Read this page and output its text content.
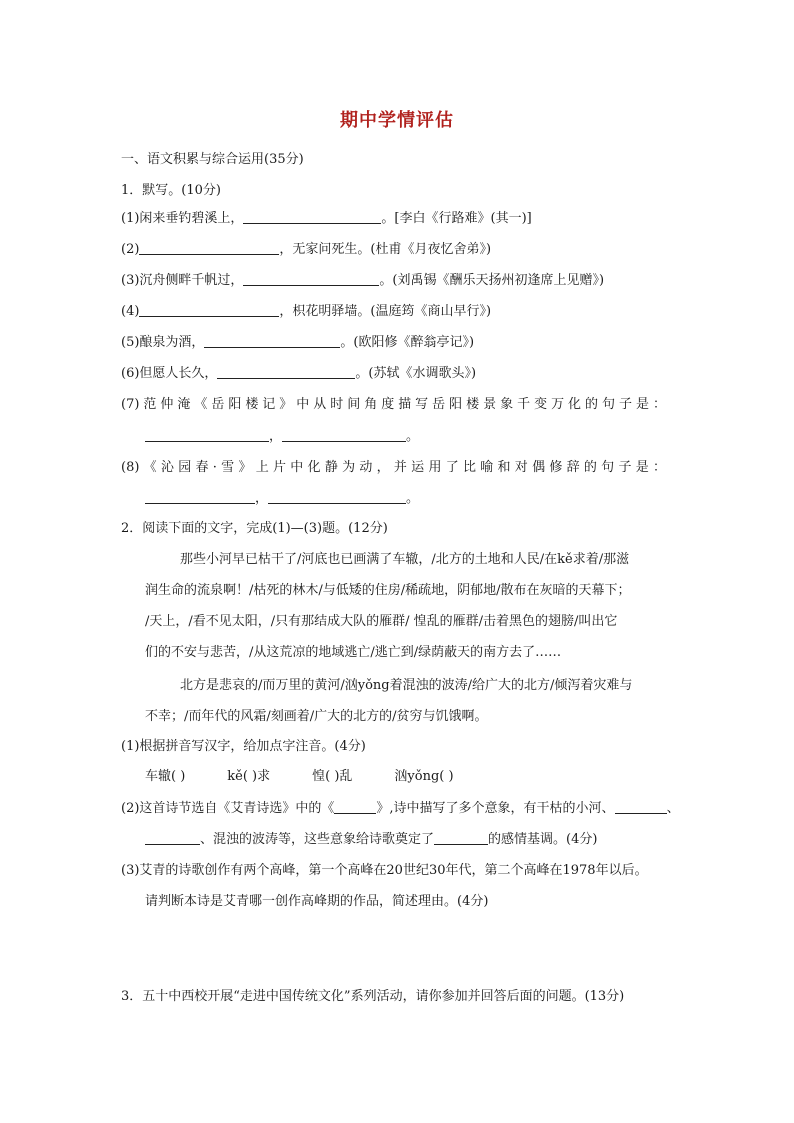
期中学情评估
一、语文积累与综合运用(35分)
1．默写。(10分)
(1)闲来垂钓碧溪上，	。[李白《行路难》(其一)]
(2)	，无家问死生。(杜甫《月夜忆舍弟》)
(3)沉舟侧畔千帆过，	。(刘禹锡《酬乐天扬州初逢席上见赠》)
(4)	，枳花明驿墙。(温庭筠《商山早行》)
(5)酿泉为酒，	。(欧阳修《醉翁亭记》)
(6)但愿人长久，	。(苏轼《水调歌头》)
(7)范仲淹《岳阳楼记》中从时间角度描写岳阳楼景象千变万化的句子是：
，	。
(8)《沁园春·雪》上片中化静为动，并运用了比喻和对偶修辞的句子是：
，	。
2．阅读下面的文字，完成(1)—(3)题。(12分)
那些小河早已枯干了/河底也已画满了车辙，/北方的土地和人民/在kě求着/那滋
润生命的流泉啊！/枯死的林木/与低矮的住房/稀疏地，阴郁地/散布在灰暗的天幕下；
/天上，/看不见太阳，/只有那结成大队的雁群/ 惶乱的雁群/击着黑色的翅膀/叫出它
们的不安与悲苦，/从这荒凉的地域逃亡/逃亡到/绿荫蔽天的南方去了……
北方是悲哀的/而万里的黄河/汹yǒng着混浊的波涛/给广大的北方/倾泻着灾难与
不幸；/而年代的风霜/刻画着/广大的北方的/贫穷与饥饿啊。
(1)根据拼音写汉字，给加点字注音。(4分)
车辙( )	kě( )求	惶( )乱	汹yǒng( )
(2)这首诗节选自《艾青诗选》中的《	》,诗中描写了多个意象，有干枯的小河、	、
、混浊的波涛等，这些意象给诗歌奠定了	的感情基调。(4分)
(3)艾青的诗歌创作有两个高峰，第一个高峰在20世纪30年代，第二个高峰在1978年以后。
请判断本诗是艾青哪一创作高峰期的作品，简述理由。(4分)
3．五十中西校开展“走进中国传统文化”系列活动，请你参加并回答后面的问题。(13分)
